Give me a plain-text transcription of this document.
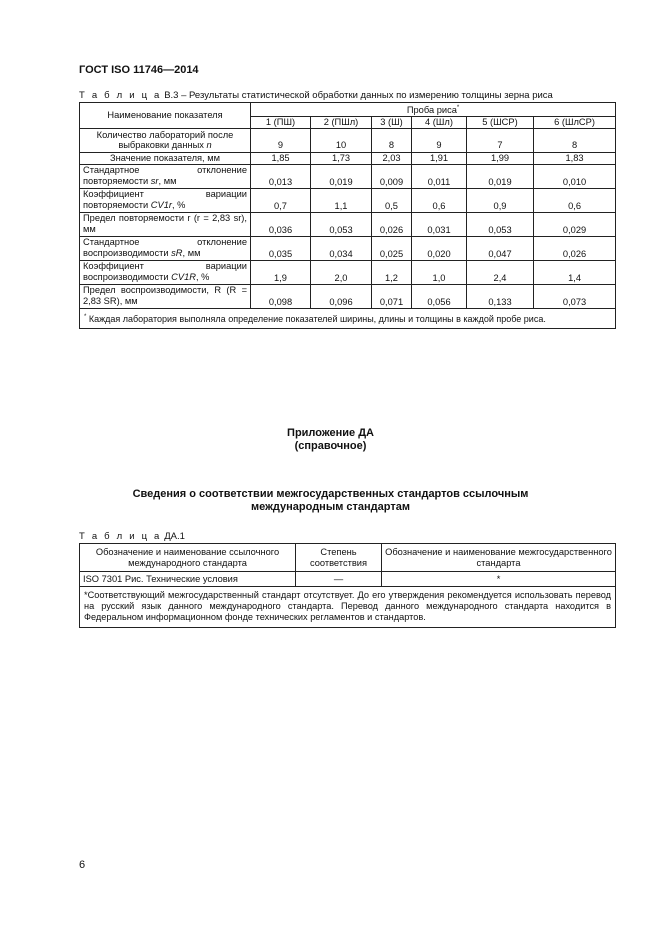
ГОСТ ISO 11746—2014
Т а б л и ц а В.3 – Результаты статистической обработки данных по измерению толщины зерна риса
Наименование показателя	Проба риса*
	1 (ПШ)	2 (ПШл)	3 (Ш)	4 (Шл)	5 (ШСР)	6 (ШлСР)
Количество лабораторий после выбраковки данных n	9	10	8	9	7	8
Значение показателя, мм	1,85	1,73	2,03	1,91	1,99	1,83
Стандартное отклонение повторяемости sr, мм	0,013	0,019	0,009	0,011	0,019	0,010
Коэффициент вариации повторяемости CV1r, %	0,7	1,1	0,5	0,6	0,9	0,6
Предел повторяемости r (r = 2,83 sr), мм	0,036	0,053	0,026	0,031	0,053	0,029
Стандартное отклонение воспроизводимости sR, мм	0,035	0,034	0,025	0,020	0,047	0,026
Коэффициент вариации воспроизводимости CV1R, %	1,9	2,0	1,2	1,0	2,4	1,4
Предел воспроизводимости, R (R = 2,83 SR), мм	0,098	0,096	0,071	0,056	0,133	0,073
* Каждая лаборатория выполняла определение показателей ширины, длины и толщины в каждой пробе риса.						
Приложение ДА
(справочное)
Сведения о соответствии межгосударственных стандартов ссылочным
международным стандартам
Т а б л и ц а ДА.1
Обозначение и наименование ссылочного международного стандарта	Степень соответствия	Обозначение и наименование межгосударственного стандарта
ISO 7301 Рис. Технические условия	—	*
*Соответствующий межгосударственный стандарт отсутствует. До его утверждения рекомендуется использовать перевод на русский язык данного международного стандарта. Перевод данного международного стандарта находится в Федеральном информационном фонде технических регламентов и стандартов.		
6
